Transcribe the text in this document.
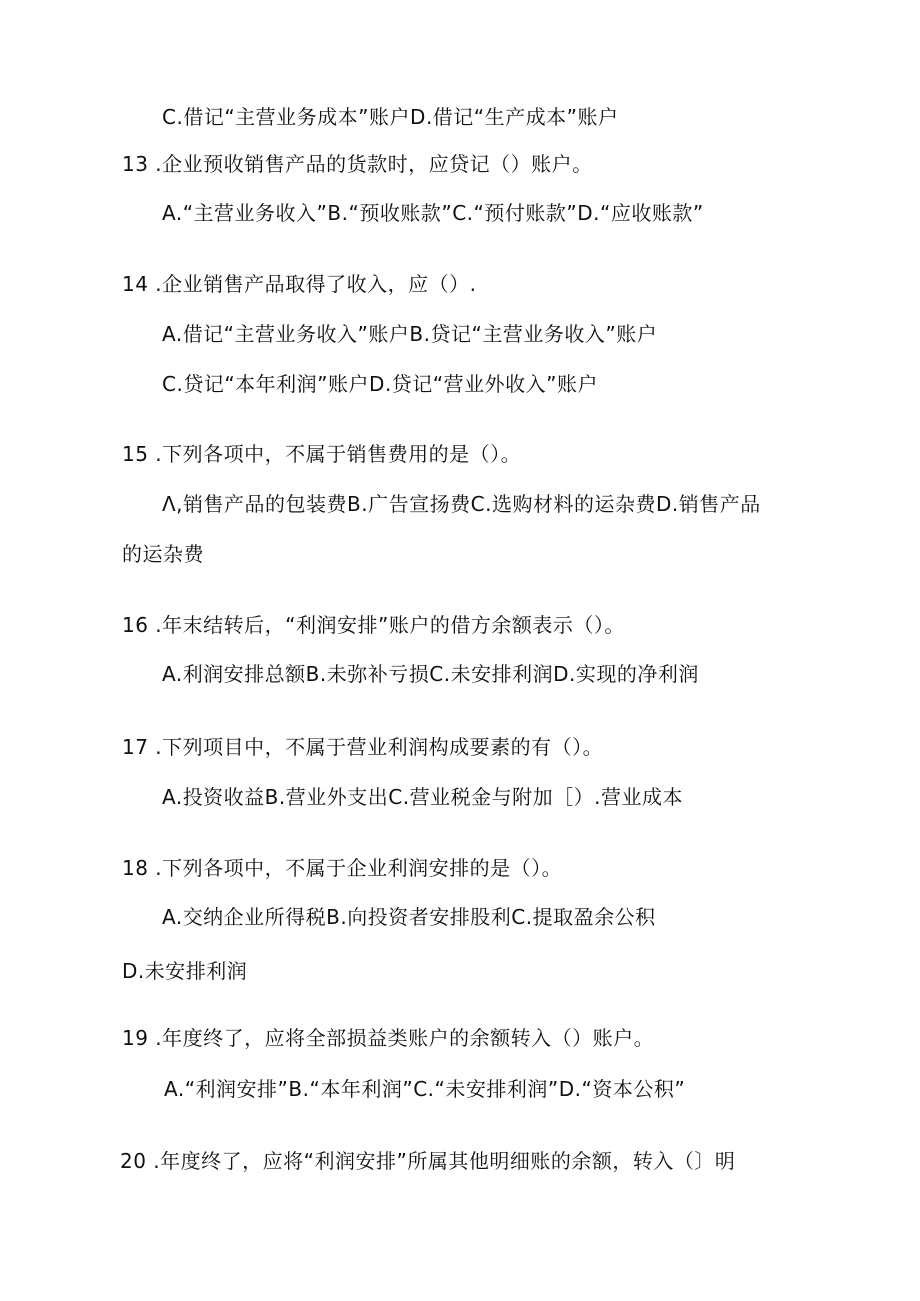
C.借记“主营业务成本”账户D.借记“生产成本”账户
13 .企业预收销售产品的货款时，应贷记（）账户。
A.“主营业务收入”B.“预收账款”C.“预付账款”D.“应收账款”
14 .企业销售产品取得了收入，应（）.
A.借记“主营业务收入”账户B.贷记“主营业务收入”账户
C.贷记“本年利润”账户D.贷记“营业外收入”账户
15 .下列各项中，不属于销售费用的是（）。
Λ,销售产品的包装费B.广告宣扬费C.选购材料的运杂费D.销售产品
的运杂费
16 .年末结转后，“利润安排”账户的借方余额表示（）。
A.利润安排总额B.未弥补亏损C.未安排利润D.实现的净利润
17 .下列项目中，不属于营业利润构成要素的有（）。
A.投资收益B.营业外支出C.营业税金与附加［）.营业成本
18 .下列各项中，不属于企业利润安排的是（）。
A.交纳企业所得税B.向投资者安排股利C.提取盈余公积
D.未安排利润
19 .年度终了，应将全部损益类账户的余额转入（）账户。
A.“利润安排”B.“本年利润”C.“未安排利润”D.“资本公积”
20 .年度终了，应将“利润安排”所属其他明细账的余额，转入（〕明
